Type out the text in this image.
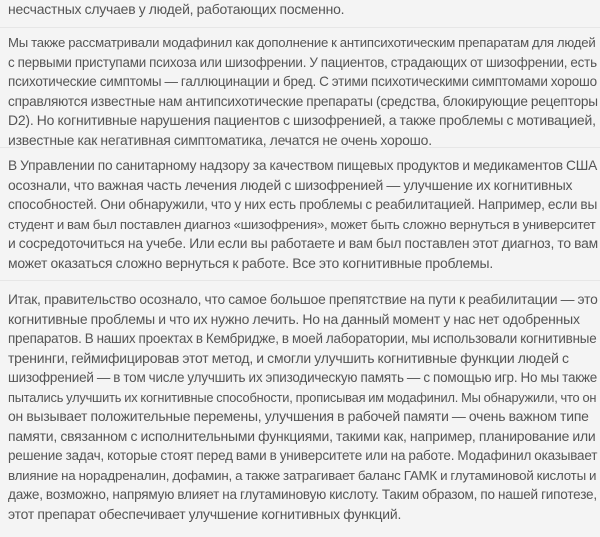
несчастных случаев у людей, работающих посменно.

Мы также рассматривали модафинил как дополнение к антипсихотическим препаратам для людей
с первыми приступами психоза или шизофрении. У пациентов, страдающих от шизофрении, есть
психотические симптомы — галлюцинации и бред. С этими психотическими симптомами хорошо
справляются известные нам антипсихотические препараты (средства, блокирующие рецепторы
D2). Но когнитивные нарушения пациентов с шизофренией, а также проблемы с мотивацией,
известные как негативная симптоматика, лечатся не очень хорошо.

В Управлении по санитарному надзору за качеством пищевых продуктов и медикаментов США
осознали, что важная часть лечения людей с шизофренией — улучшение их когнитивных
способностей. Они обнаружили, что у них есть проблемы с реабилитацией. Например, если вы
студент и вам был поставлен диагноз «шизофрения», может быть сложно вернуться в университет
и сосредоточиться на учебе. Или если вы работаете и вам был поставлен этот диагноз, то вам
может оказаться сложно вернуться к работе. Все это когнитивные проблемы.

Итак, правительство осознало, что самое большое препятствие на пути к реабилитации — это
когнитивные проблемы и что их нужно лечить. Но на данный момент у нас нет одобренных
препаратов. В наших проектах в Кембридже, в моей лаборатории, мы использовали когнитивные
тренинги, геймифицировав этот метод, и смогли улучшить когнитивные функции людей с
шизофренией — в том числе улучшить их эпизодическую память — с помощью игр. Но мы также
пытались улучшить их когнитивные способности, прописывая им модафинил. Мы обнаружили, что он
он вызывает положительные перемены, улучшения в рабочей памяти — очень важном типе
памяти, связанном с исполнительными функциями, такими как, например, планирование или
решение задач, которые стоят перед вами в университете или на работе. Модафинил оказывает
влияние на норадреналин, дофамин, а также затрагивает баланс ГАМК и глутаминовой кислоты и
даже, возможно, напрямую влияет на глутаминовую кислоту. Таким образом, по нашей гипотезе,
этот препарат обеспечивает улучшение когнитивных функций.
